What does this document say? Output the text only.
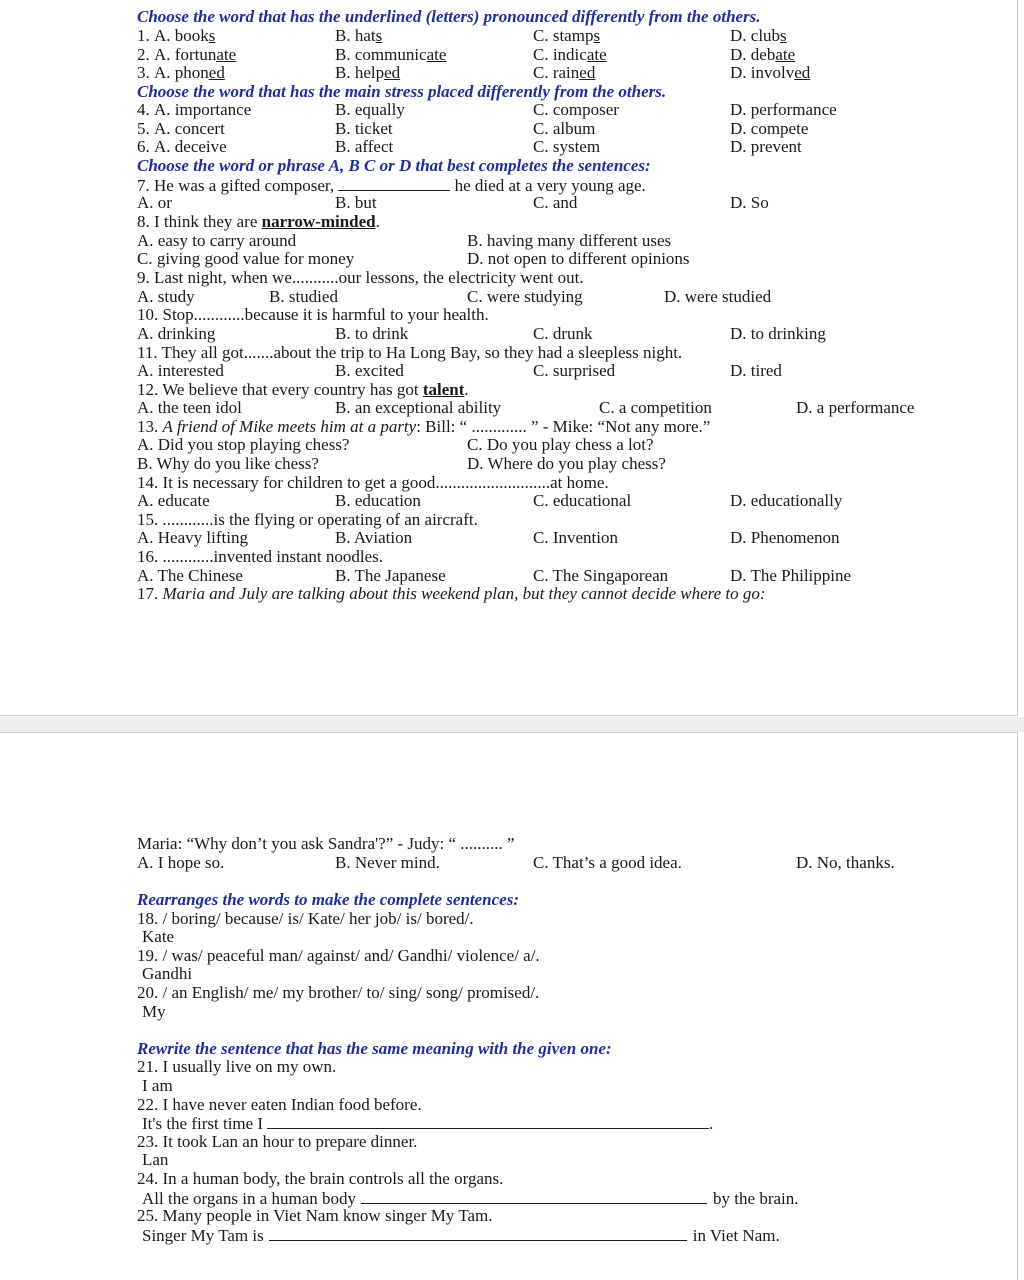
Choose the word that has the underlined (letters) pronounced differently from the others.
1. A. books	B. hats	C. stamps	D. clubs
2. A. fortunate	B. communicate	C. indicate	D. debate
3. A. phoned	B. helped	C. rained	D. involved
Choose the word that has the main stress placed differently from the others.
4. A. importance	B. equally	C. composer	D. performance
5. A. concert	B. ticket	C. album	D. compete
6. A. deceive	B. affect	C. system	D. prevent
Choose the word or phrase A, B C or D that best completes the sentences:
7. He was a gifted composer,	he died at a very young age.
A. or	B. but	C. and	D. So
8. I think they are narrow-minded.
A. easy to carry around	B. having many different uses
C. giving good value for money	D. not open to different opinions
9. Last night, when we...........our lessons, the electricity went out.
A. study	B. studied	C. were studying	D. were studied
10. Stop............because it is harmful to your health.
A. drinking	B. to drink	C. drunk	D. to drinking
11. They all got.......about the trip to Ha Long Bay, so they had a sleepless night.
A. interested	B. excited	C. surprised	D. tired
12. We believe that every country has got talent.
A. the teen idol	B. an exceptional ability	C. a competition	D. a performance
13. A friend of Mike meets him at a party: Bill: “ ............. ” - Mike: “Not any more.”
A. Did you stop playing chess?	C. Do you play chess a lot?
B. Why do you like chess?	D. Where do you play chess?
14. It is necessary for children to get a good...........................at home.
A. educate	B. education	C. educational	D. educationally
15. ............is the flying or operating of an aircraft.
A. Heavy lifting	B. Aviation	C. Invention	D. Phenomenon
16. ............invented instant noodles.
A. The Chinese	B. The Japanese	C. The Singaporean	D. The Philippine
17. Maria and July are talking about this weekend plan, but they cannot decide where to go:
Maria: “Why don’t you ask Sandra'?” - Judy: “ .......... ”
A. I hope so.	B. Never mind.	C. That’s a good idea.	D. No, thanks.
Rearranges the words to make the complete sentences:
18. / boring/ because/ is/ Kate/ her job/ is/ bored/.
Kate
19. / was/ peaceful man/ against/ and/ Gandhi/ violence/ a/.
Gandhi
20. / an English/ me/ my brother/ to/ sing/ song/ promised/.
My
Rewrite the sentence that has the same meaning with the given one:
21. I usually live on my own.
I am
22. I have never eaten Indian food before.
It's the first time I	.
23. It took Lan an hour to prepare dinner.
Lan
24. In a human body, the brain controls all the organs.
All the organs in a human body	by the brain.
25. Many people in Viet Nam know singer My Tam.
Singer My Tam is	in Viet Nam.
